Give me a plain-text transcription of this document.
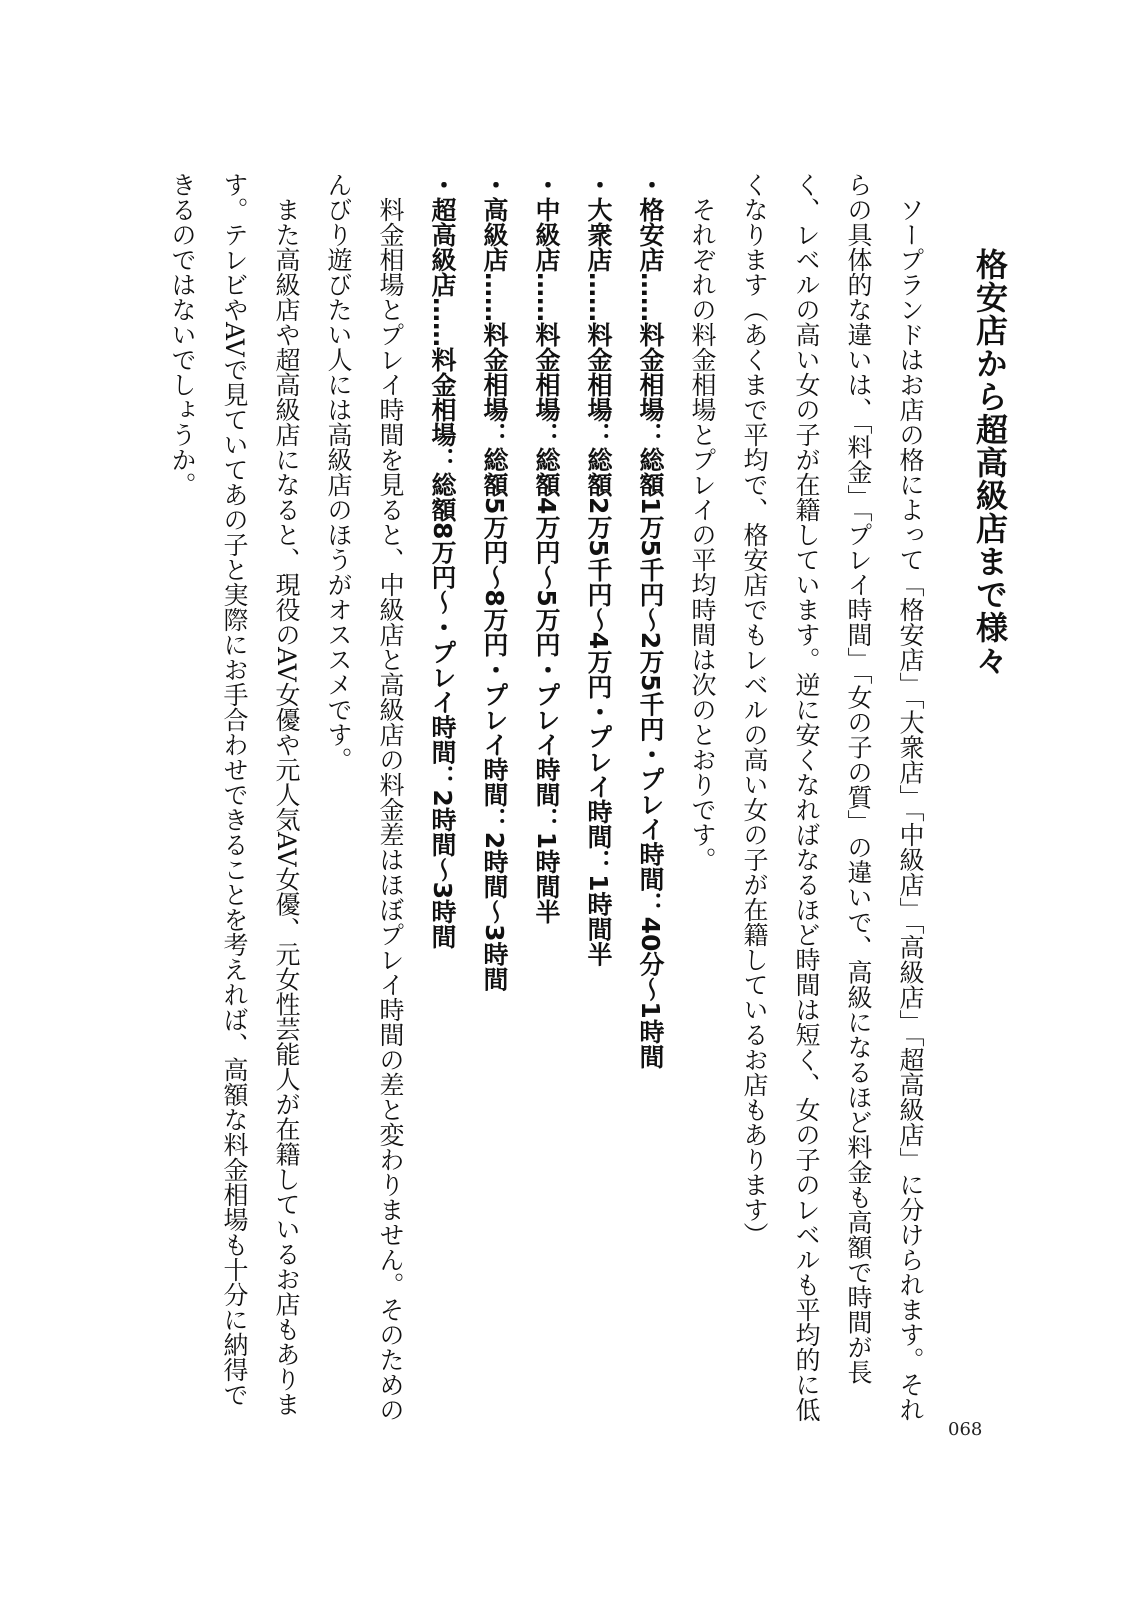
格安店から超高級店まで様々

ソープランドはお店の格によって「格安店」「大衆店」「中級店」「高級店」「超高級店」に分けられます。それらの具体的な違いは、「料金」「プレイ時間」「女の子の質」の違いで、高級になるほど料金も高額で時間が長く、レベルの高い女の子が在籍しています。逆に安くなればなるほど時間は短く、女の子のレベルも平均的に低くなります（あくまで平均で、格安店でもレベルの高い女の子が在籍しているお店もあります）

それぞれの料金相場とプレイの平均時間は次のとおりです。

・格安店……料金相場：総額1万5千円～2万5千円・プレイ時間：40分～1時間
・大衆店……料金相場：総額2万5千円～4万円・プレイ時間：1時間半
・中級店……料金相場：総額4万円～5万円・プレイ時間：1時間半
・高級店……料金相場：総額5万円～8万円・プレイ時間：2時間～3時間
・超高級店……料金相場：総額8万円～・プレイ時間：2時間～3時間

料金相場とプレイ時間を見ると、中級店と高級店の料金差はほぼプレイ時間の差と変わりません。そのためのんびり遊びたい人には高級店のほうがオススメです。

また高級店や超高級店になると、現役のAV女優や元人気AV女優、元女性芸能人が在籍しているお店もあります。テレビやAVで見ていてあの子と実際にお手合わせできることを考えれば、高額な料金相場も十分に納得できるのではないでしょうか。

068
